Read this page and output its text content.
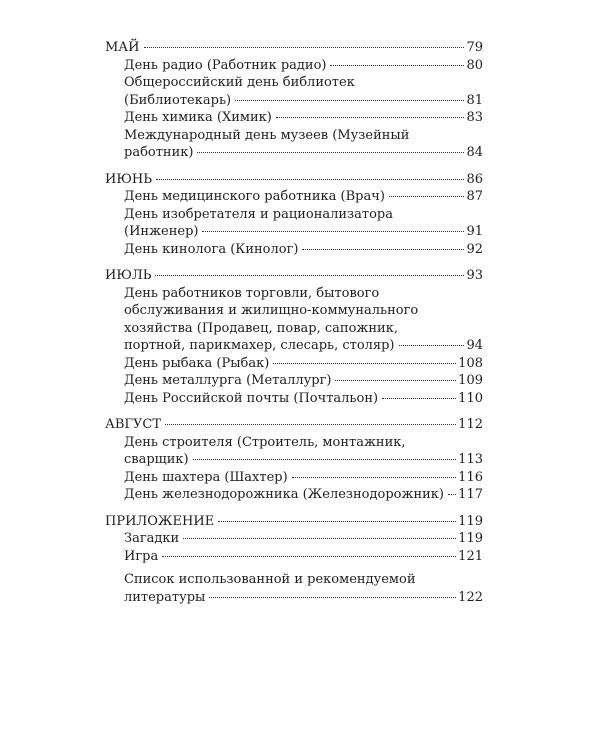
МАЙ	79
День радио (Работник радио)	80
Общероссийский день библиотек
(Библиотекарь)	81
День химика (Химик)	83
Международный день музеев (Музейный
работник)	84
ИЮНЬ	86
День медицинского работника (Врач)	87
День изобретателя и рационализатора
(Инженер)	91
День кинолога (Кинолог)	92
ИЮЛЬ	93
День работников торговли, бытового
обслуживания и жилищно-коммунального
хозяйства (Продавец, повар, сапожник,
портной, парикмахер, слесарь, столяр)	94
День рыбака (Рыбак)	108
День металлурга (Металлург)	109
День Российской почты (Почтальон)	110
АВГУСТ	112
День строителя (Строитель, монтажник,
сварщик)	113
День шахтера (Шахтер)	116
День железнодорожника (Железнодорожник) 117
ПРИЛОЖЕНИЕ	119
Загадки	119
Игра	121
Список использованной и рекомендуемой
литературы	122
